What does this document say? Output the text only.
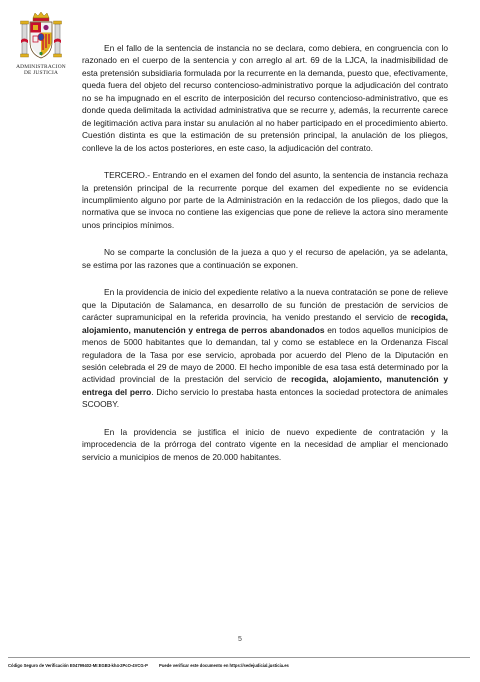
ADMINISTRACION
DE JUSTICIA

En el fallo de la sentencia de instancia no se declara, como debiera, en congruencia con lo razonado en el cuerpo de la sentencia y con arreglo al art. 69 de la LJCA, la inadmisibilidad de esta pretensión subsidiaria formulada por la recurrente en la demanda, puesto que, efectivamente, queda fuera del objeto del recurso contencioso-administrativo porque la adjudicación del contrato no se ha impugnado en el escrito de interposición del recurso contencioso-administrativo, que es donde queda delimitada la actividad administrativa que se recurre y, además, la recurrente carece de legitimación activa para instar su anulación al no haber participado en el procedimiento abierto. Cuestión distinta es que la estimación de su pretensión principal, la anulación de los pliegos, conlleve la de los actos posteriores, en este caso, la adjudicación del contrato.

TERCERO.- Entrando en el examen del fondo del asunto, la sentencia de instancia rechaza la pretensión principal de la recurrente porque del examen del expediente no se evidencia incumplimiento alguno por parte de la Administración en la redacción de los pliegos, dado que la normativa que se invoca no contiene las exigencias que pone de relieve la actora sino meramente unos principios mínimos.

No se comparte la conclusión de la jueza a quo y el recurso de apelación, ya se adelanta, se estima por las razones que a continuación se exponen.

En la providencia de inicio del expediente relativo a la nueva contratación se pone de relieve que la Diputación de Salamanca, en desarrollo de su función de prestación de servicios de carácter supramunicipal en la referida provincia, ha venido prestando el servicio de recogida, alojamiento, manutención y entrega de perros abandonados en todos aquellos municipios de menos de 5000 habitantes que lo demandan, tal y como se establece en la Ordenanza Fiscal reguladora de la Tasa por ese servicio, aprobada por acuerdo del Pleno de la Diputación en sesión celebrada el 29 de mayo de 2000. El hecho imponible de esa tasa está determinado por la actividad provincial de la prestación del servicio de recogida, alojamiento, manutención y entrega del perro. Dicho servicio lo prestaba hasta entonces la sociedad protectora de animales SCOOBY.

En la providencia se justifica el inicio de nuevo expediente de contratación y la improcedencia de la prórroga del contrato vigente en la necesidad de ampliar el mencionado servicio a municipios de menos de 20.000 habitantes.

5
Código Seguro de Verificación E04799402-MI:EGB3-kh4-2PcO-4VCG-P	Puede verificar este documento en https://sedejudicial.justicia.es
